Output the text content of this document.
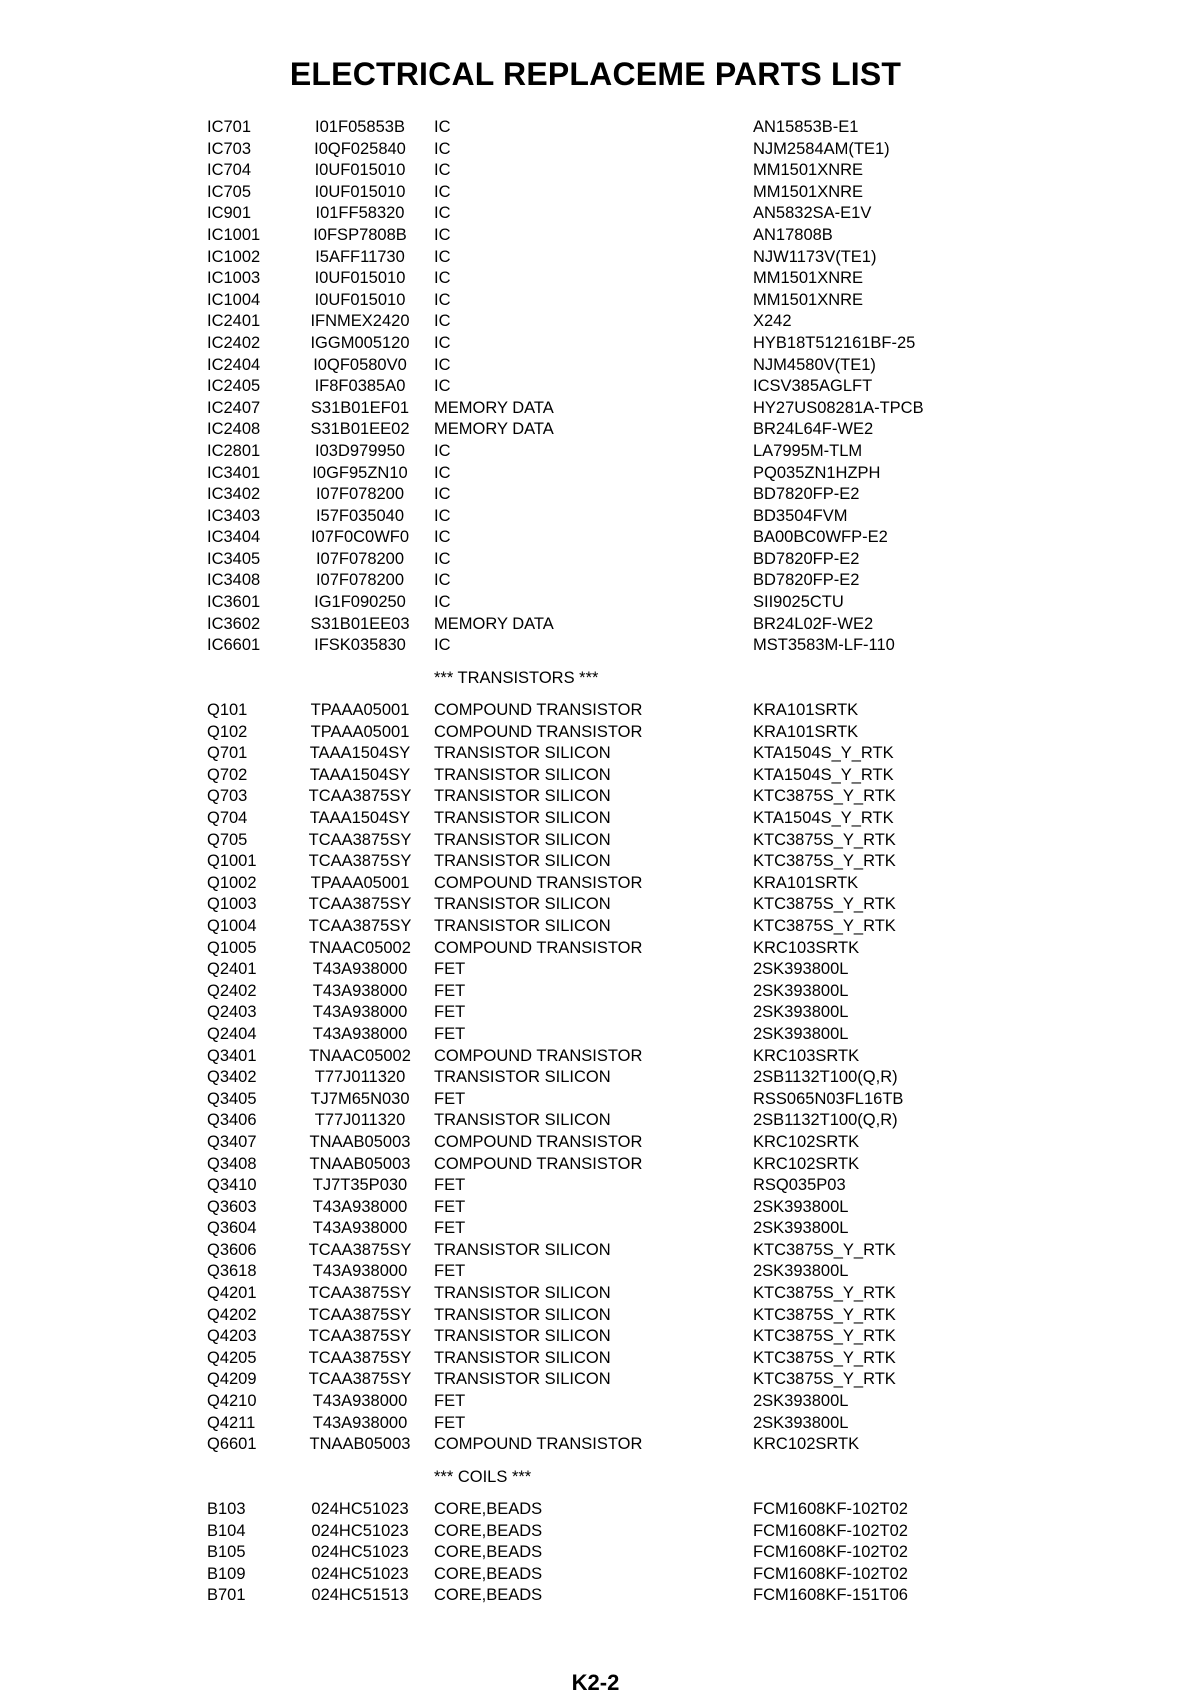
ELECTRICAL REPLACEME PARTS LIST
IC701	I01F05853B	IC	AN15853B-E1
IC703	I0QF025840	IC	NJM2584AM(TE1)
IC704	I0UF015010	IC	MM1501XNRE
IC705	I0UF015010	IC	MM1501XNRE
IC901	I01FF58320	IC	AN5832SA-E1V
IC1001	I0FSP7808B	IC	AN17808B
IC1002	I5AFF11730	IC	NJW1173V(TE1)
IC1003	I0UF015010	IC	MM1501XNRE
IC1004	I0UF015010	IC	MM1501XNRE
IC2401	IFNMEX2420	IC	X242
IC2402	IGGM005120	IC	HYB18T512161BF-25
IC2404	I0QF0580V0	IC	NJM4580V(TE1)
IC2405	IF8F0385A0	IC	ICSV385AGLFT
IC2407	S31B01EF01	MEMORY DATA	HY27US08281A-TPCB
IC2408	S31B01EE02	MEMORY DATA	BR24L64F-WE2
IC2801	I03D979950	IC	LA7995M-TLM
IC3401	I0GF95ZN10	IC	PQ035ZN1HZPH
IC3402	I07F078200	IC	BD7820FP-E2
IC3403	I57F035040	IC	BD3504FVM
IC3404	I07F0C0WF0	IC	BA00BC0WFP-E2
IC3405	I07F078200	IC	BD7820FP-E2
IC3408	I07F078200	IC	BD7820FP-E2
IC3601	IG1F090250	IC	SII9025CTU
IC3602	S31B01EE03	MEMORY DATA	BR24L02F-WE2
IC6601	IFSK035830	IC	MST3583M-LF-110
*** TRANSISTORS ***
Q101	TPAAA05001	COMPOUND TRANSISTOR	KRA101SRTK
Q102	TPAAA05001	COMPOUND TRANSISTOR	KRA101SRTK
Q701	TAAA1504SY TRANSISTOR SILICON	KTA1504S_Y_RTK
Q702	TAAA1504SY TRANSISTOR SILICON	KTA1504S_Y_RTK
Q703	TCAA3875SY TRANSISTOR SILICON	KTC3875S_Y_RTK
Q704	TAAA1504SY TRANSISTOR SILICON	KTA1504S_Y_RTK
Q705	TCAA3875SY TRANSISTOR SILICON	KTC3875S_Y_RTK
Q1001	TCAA3875SY TRANSISTOR SILICON	KTC3875S_Y_RTK
Q1002	TPAAA05001	COMPOUND TRANSISTOR	KRA101SRTK
Q1003	TCAA3875SY TRANSISTOR SILICON	KTC3875S_Y_RTK
Q1004	TCAA3875SY TRANSISTOR SILICON	KTC3875S_Y_RTK
Q1005	TNAAC05002 COMPOUND TRANSISTOR	KRC103SRTK
Q2401	T43A938000	FET	2SK393800L
Q2402	T43A938000	FET	2SK393800L
Q2403	T43A938000	FET	2SK393800L
Q2404	T43A938000	FET	2SK393800L
Q3401	TNAAC05002 COMPOUND TRANSISTOR	KRC103SRTK
Q3402	T77J011320	TRANSISTOR SILICON	2SB1132T100(Q,R)
Q3405	TJ7M65N030	FET	RSS065N03FL16TB
Q3406	T77J011320	TRANSISTOR SILICON	2SB1132T100(Q,R)
Q3407	TNAAB05003 COMPOUND TRANSISTOR	KRC102SRTK
Q3408	TNAAB05003 COMPOUND TRANSISTOR	KRC102SRTK
Q3410	TJ7T35P030	FET	RSQ035P03
Q3603	T43A938000	FET	2SK393800L
Q3604	T43A938000	FET	2SK393800L
Q3606	TCAA3875SY TRANSISTOR SILICON	KTC3875S_Y_RTK
Q3618	T43A938000	FET	2SK393800L
Q4201	TCAA3875SY TRANSISTOR SILICON	KTC3875S_Y_RTK
Q4202	TCAA3875SY TRANSISTOR SILICON	KTC3875S_Y_RTK
Q4203	TCAA3875SY TRANSISTOR SILICON	KTC3875S_Y_RTK
Q4205	TCAA3875SY TRANSISTOR SILICON	KTC3875S_Y_RTK
Q4209	TCAA3875SY TRANSISTOR SILICON	KTC3875S_Y_RTK
Q4210	T43A938000	FET	2SK393800L
Q4211	T43A938000	FET	2SK393800L
Q6601	TNAAB05003 COMPOUND TRANSISTOR	KRC102SRTK
*** COILS ***
B103	024HC51023	CORE,BEADS	FCM1608KF-102T02
B104	024HC51023	CORE,BEADS	FCM1608KF-102T02
B105	024HC51023	CORE,BEADS	FCM1608KF-102T02
B109	024HC51023	CORE,BEADS	FCM1608KF-102T02
B701	024HC51513	CORE,BEADS	FCM1608KF-151T06
K2-2
